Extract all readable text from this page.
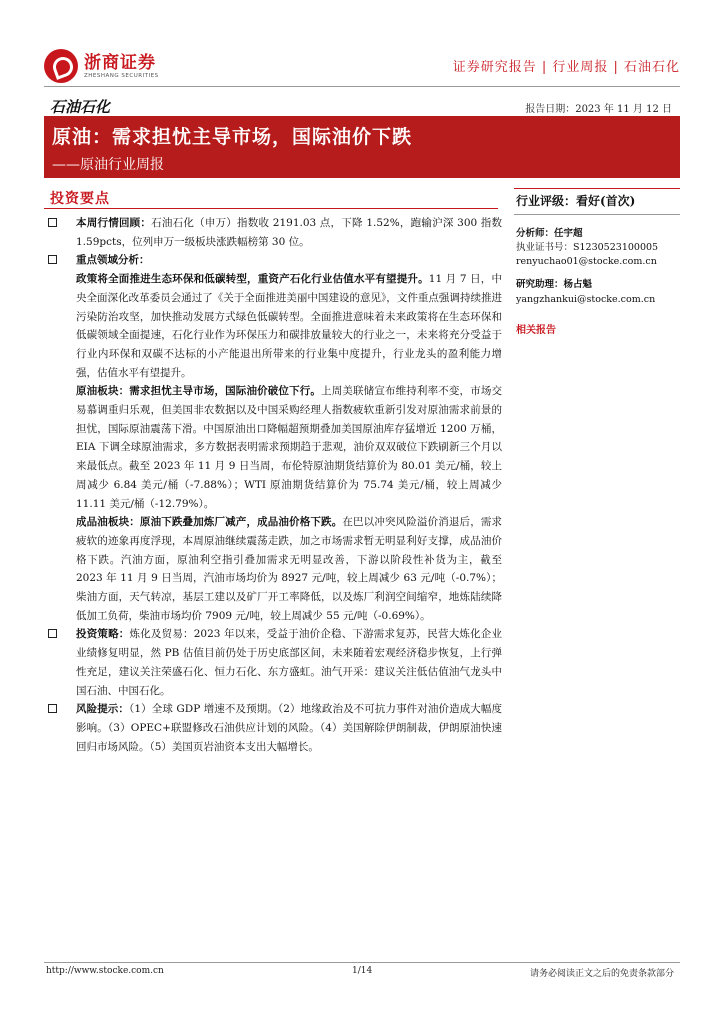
浙商证券
ZHESHANG SECURITIES
证券研究报告 | 行业周报 | 石油石化
石油石化	报告日期：2023 年 11 月 12 日
原油：需求担忧主导市场，国际油价下跌
——原油行业周报
投资要点
本周行情回顾：石油石化（申万）指数收 2191.03 点，下降 1.52%，跑输沪深 300 指数 1.59pcts，位列申万一级板块涨跌幅榜第 30 位。
重点领域分析：
政策将全面推进生态环保和低碳转型，重资产石化行业估值水平有望提升。11 月 7 日，中央全面深化改革委员会通过了《关于全面推进美丽中国建设的意见》，文件重点强调持续推进污染防治攻坚，加快推动发展方式绿色低碳转型。全面推进意味着未来政策将在生态环保和低碳领域全面提速，石化行业作为环保压力和碳排放量较大的行业之一，未来将充分受益于行业内环保和双碳不达标的小产能退出所带来的行业集中度提升，行业龙头的盈利能力增强，估值水平有望提升。
原油板块：需求担忧主导市场，国际油价破位下行。上周美联储宣布维持利率不变，市场交易慕调重归乐观，但美国非农数据以及中国采购经理人指数疲软重新引发对原油需求前景的担忧，国际原油震荡下滑。中国原油出口降幅超预期叠加美国原油库存猛增近 1200 万桶，EIA 下调全球原油需求，多方数据表明需求预期趋于悲观，油价双双破位下跌刷新三个月以来最低点。截至 2023 年 11 月 9 日当周，布伦特原油期货结算价为 80.01 美元/桶，较上周减少 6.84 美元/桶（-7.88%）；WTI 原油期货结算价为 75.74 美元/桶，较上周减少 11.11 美元/桶（-12.79%）。
成品油板块：原油下跌叠加炼厂减产，成品油价格下跌。在巴以冲突风险溢价消退后，需求疲软的迹象再度浮现，本周原油继续震荡走跌，加之市场需求暂无明显利好支撑，成品油价格下跌。汽油方面，原油利空指引叠加需求无明显改善，下游以阶段性补货为主，截至 2023 年 11 月 9 日当周，汽油市场均价为 8927 元/吨，较上周减少 63 元/吨（-0.7%）；柴油方面，天气转凉，基层工建以及矿厂开工率降低，以及炼厂利润空间缩窄，地炼陆续降低加工负荷，柴油市场均价 7909 元/吨，较上周减少 55 元/吨（-0.69%）。
投资策略：炼化及贸易：2023 年以来，受益于油价企稳、下游需求复苏，民营大炼化企业业绩修复明显，然 PB 估值目前仍处于历史底部区间，未来随着宏观经济稳步恢复，上行弹性充足，建议关注荣盛石化、恒力石化、东方盛虹。油气开采：建议关注低估值油气龙头中国石油、中国石化。
风险提示：（1）全球 GDP 增速不及预期。（2）地缘政治及不可抗力事件对油价造成大幅度影响。（3）OPEC+联盟修改石油供应计划的风险。（4）美国解除伊朗制裁，伊朗原油快速回归市场风险。（5）美国页岩油资本支出大幅增长。
行业评级：看好(首次)
分析师：任宇超
执业证书号：S1230523100005
renyuchao01@stocke.com.cn
研究助理：杨占魁
yangzhankui@stocke.com.cn
相关报告
http://www.stocke.com.cn	1/14	请务必阅读正文之后的免责条款部分
